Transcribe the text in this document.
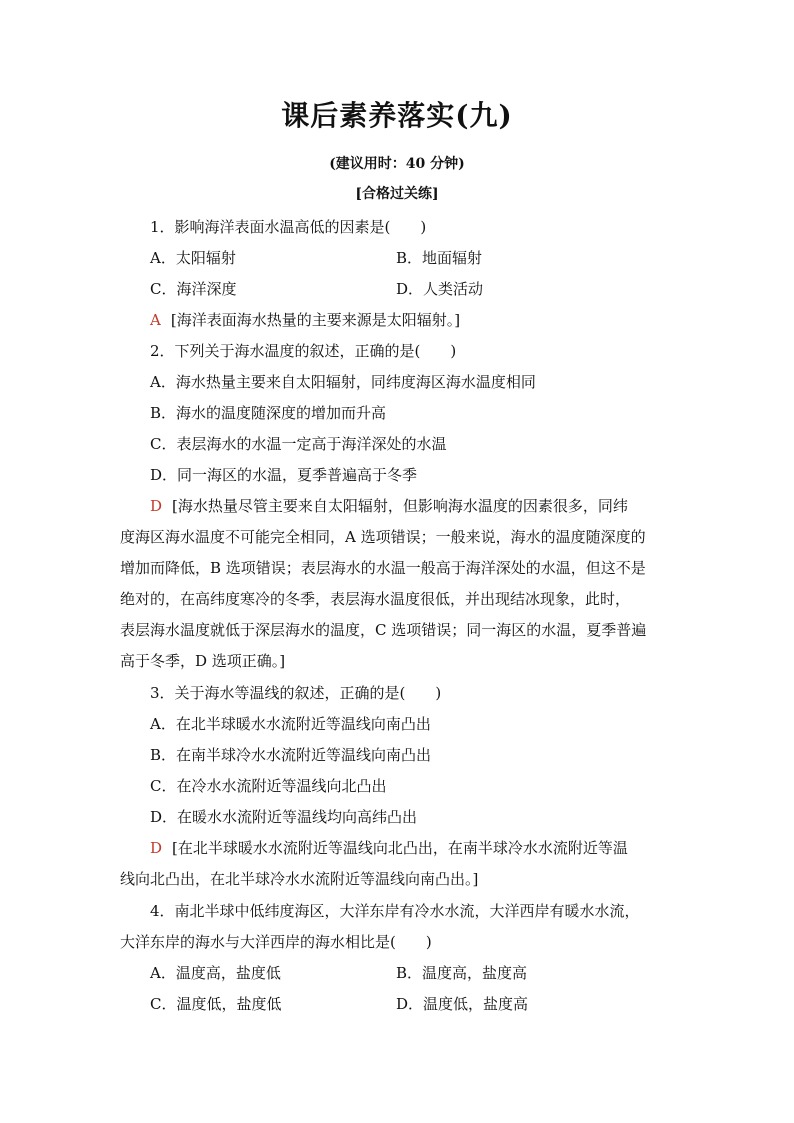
课后素养落实(九)
(建议用时：40 分钟)
[合格过关练]
1．影响海洋表面水温高低的因素是(　　)
A．太阳辐射	B．地面辐射
C．海洋深度	D．人类活动
A [海洋表面海水热量的主要来源是太阳辐射。]
2．下列关于海水温度的叙述，正确的是(　　)
A．海水热量主要来自太阳辐射，同纬度海区海水温度相同
B．海水的温度随深度的增加而升高
C．表层海水的水温一定高于海洋深处的水温
D．同一海区的水温，夏季普遍高于冬季
D [海水热量尽管主要来自太阳辐射，但影响海水温度的因素很多，同纬
度海区海水温度不可能完全相同，A 选项错误；一般来说，海水的温度随深度的
增加而降低，B 选项错误；表层海水的水温一般高于海洋深处的水温，但这不是
绝对的，在高纬度寒冷的冬季，表层海水温度很低，并出现结冰现象，此时，
表层海水温度就低于深层海水的温度，C 选项错误；同一海区的水温，夏季普遍
高于冬季，D 选项正确。]
3．关于海水等温线的叙述，正确的是(　　)
A．在北半球暖水水流附近等温线向南凸出
B．在南半球冷水水流附近等温线向南凸出
C．在冷水水流附近等温线向北凸出
D．在暖水水流附近等温线均向高纬凸出
D [在北半球暖水水流附近等温线向北凸出，在南半球冷水水流附近等温
线向北凸出，在北半球冷水水流附近等温线向南凸出。]
4．南北半球中低纬度海区，大洋东岸有冷水水流，大洋西岸有暖水水流，
大洋东岸的海水与大洋西岸的海水相比是(　　)
A．温度高，盐度低	B．温度高，盐度高
C．温度低，盐度低	D．温度低，盐度高
